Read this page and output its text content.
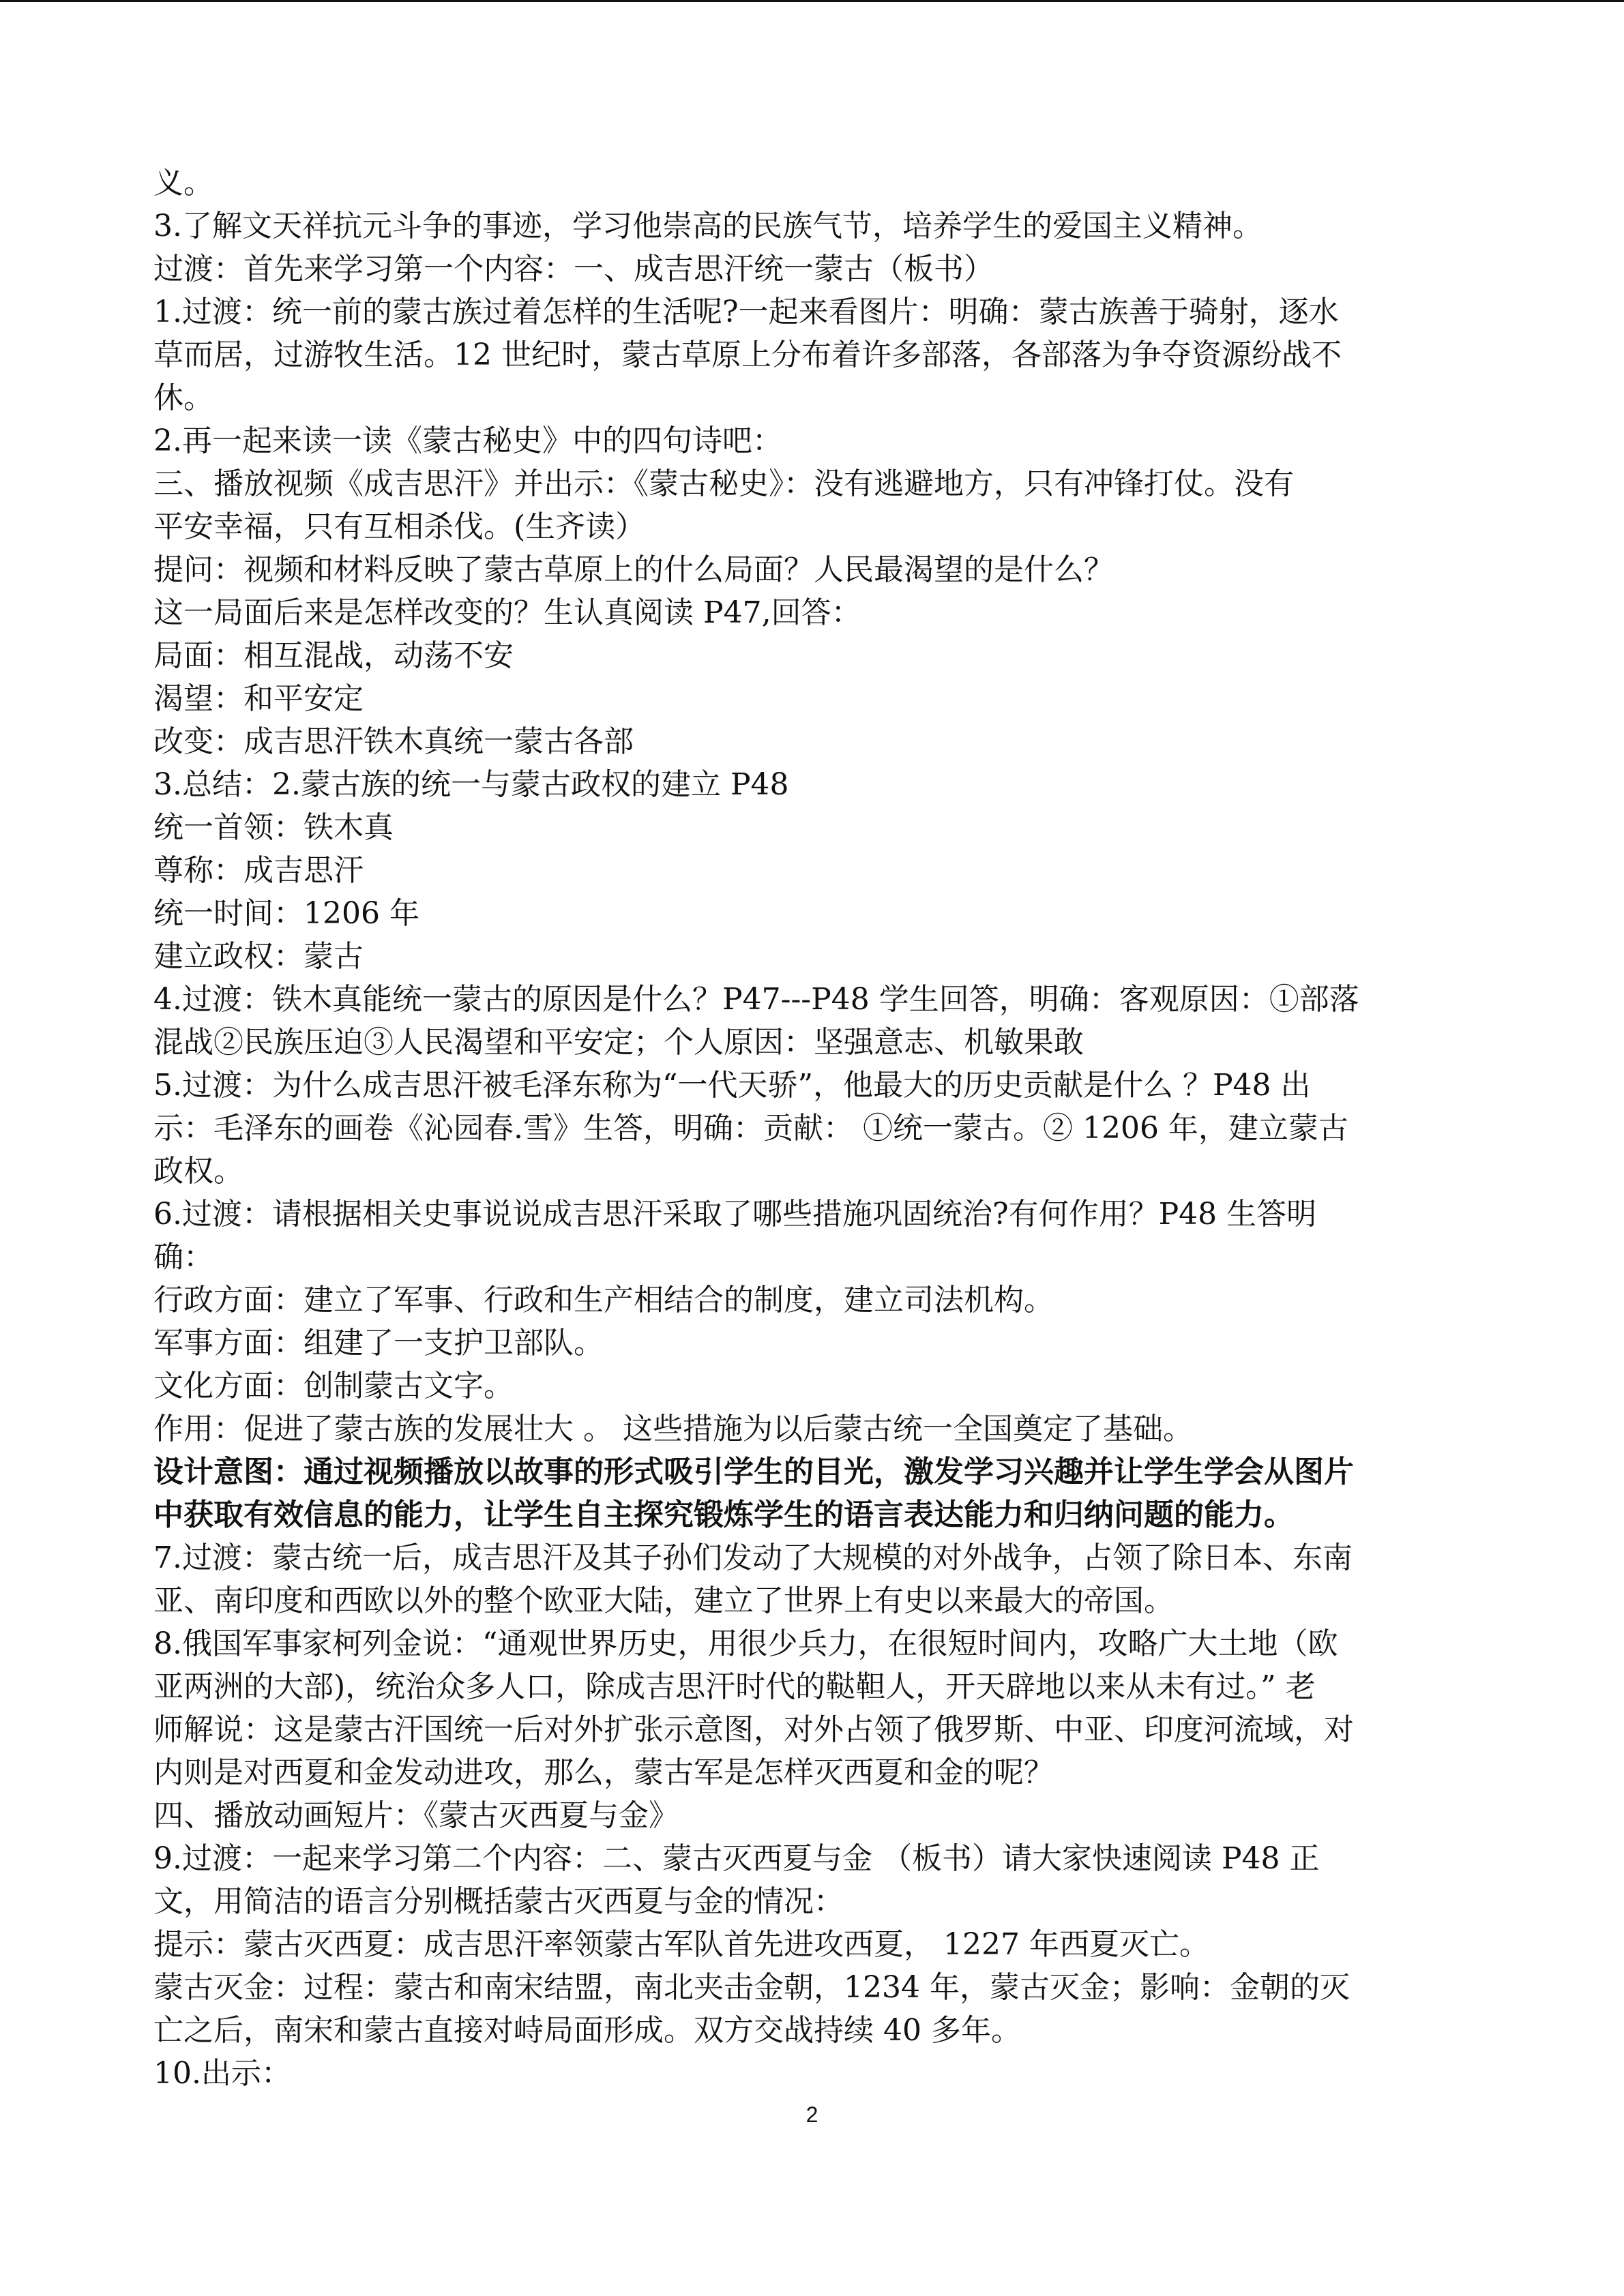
义。
3.了解文天祥抗元斗争的事迹，学习他崇高的民族气节，培养学生的爱国主义精神。
过渡：首先来学习第一个内容：一、成吉思汗统一蒙古（板书）
1.过渡：统一前的蒙古族过着怎样的生活呢?一起来看图片：明确：蒙古族善于骑射，逐水
草而居，过游牧生活。12 世纪时，蒙古草原上分布着许多部落，各部落为争夺资源纷战不
休。
2.再一起来读一读《蒙古秘史》中的四句诗吧：
三、播放视频《成吉思汗》并出示：《蒙古秘史》：没有逃避地方，只有冲锋打仗。没有
平安幸福，只有互相杀伐。(生齐读）
提问：视频和材料反映了蒙古草原上的什么局面？人民最渴望的是什么？
这一局面后来是怎样改变的？生认真阅读 P47,回答：
局面：相互混战，动荡不安
渴望：和平安定
改变：成吉思汗铁木真统一蒙古各部
3.总结：2.蒙古族的统一与蒙古政权的建立 P48
统一首领：铁木真
尊称：成吉思汗
统一时间：1206 年
建立政权：蒙古
4.过渡：铁木真能统一蒙古的原因是什么？P47---P48 学生回答，明确：客观原因：①部落
混战②民族压迫③人民渴望和平安定；个人原因：坚强意志、机敏果敢
5.过渡：为什么成吉思汗被毛泽东称为“一代天骄”，他最大的历史贡献是什么 ？P48 出
示：毛泽东的画卷《沁园春.雪》生答，明确：贡献： ①统一蒙古。② 1206 年，建立蒙古
政权。
6.过渡：请根据相关史事说说成吉思汗采取了哪些措施巩固统治?有何作用？P48 生答明
确：
行政方面：建立了军事、行政和生产相结合的制度，建立司法机构。
军事方面：组建了一支护卫部队。
文化方面：创制蒙古文字。
作用：促进了蒙古族的发展壮大 。 这些措施为以后蒙古统一全国奠定了基础。
设计意图：通过视频播放以故事的形式吸引学生的目光，激发学习兴趣并让学生学会从图片
中获取有效信息的能力，让学生自主探究锻炼学生的语言表达能力和归纳问题的能力。
7.过渡：蒙古统一后，成吉思汗及其子孙们发动了大规模的对外战争，占领了除日本、东南
亚、南印度和西欧以外的整个欧亚大陆，建立了世界上有史以来最大的帝国。
8.俄国军事家柯列金说：“通观世界历史，用很少兵力，在很短时间内，攻略广大土地（欧
亚两洲的大部)，统治众多人口，除成吉思汗时代的鞑靼人，开天辟地以来从未有过。” 老
师解说：这是蒙古汗国统一后对外扩张示意图，对外占领了俄罗斯、中亚、印度河流域，对
内则是对西夏和金发动进攻，那么，蒙古军是怎样灭西夏和金的呢？
四、播放动画短片：《蒙古灭西夏与金》
9.过渡：一起来学习第二个内容：二、蒙古灭西夏与金 （板书）请大家快速阅读 P48 正
文，用简洁的语言分别概括蒙古灭西夏与金的情况：
提示：蒙古灭西夏：成吉思汗率领蒙古军队首先进攻西夏， 1227 年西夏灭亡。
蒙古灭金：过程：蒙古和南宋结盟，南北夹击金朝，1234 年，蒙古灭金；影响：金朝的灭
亡之后，南宋和蒙古直接对峙局面形成。双方交战持续 40 多年。
10.出示：
2
